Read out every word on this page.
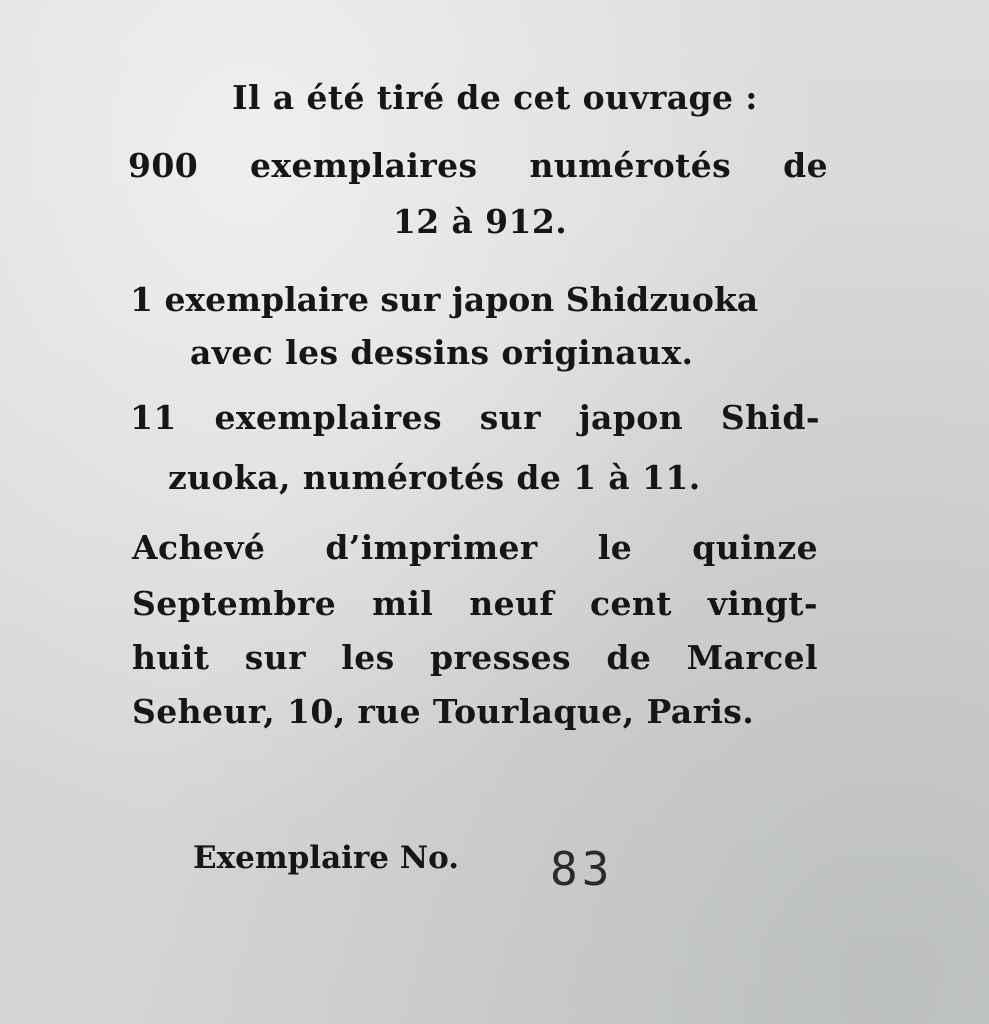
Il a été tiré de cet ouvrage :

900 exemplaires numérotés de

12 à 912.

1 exemplaire sur japon Shidzuoka

avec les dessins originaux.

11 exemplaires sur japon Shid-

zuoka, numérotés de 1 à 11.

Achevé d’imprimer le quinze

Septembre mil neuf cent vingt-

huit sur les presses de Marcel

Seheur, 10, rue Tourlaque, Paris.

Exemplaire No. 83
